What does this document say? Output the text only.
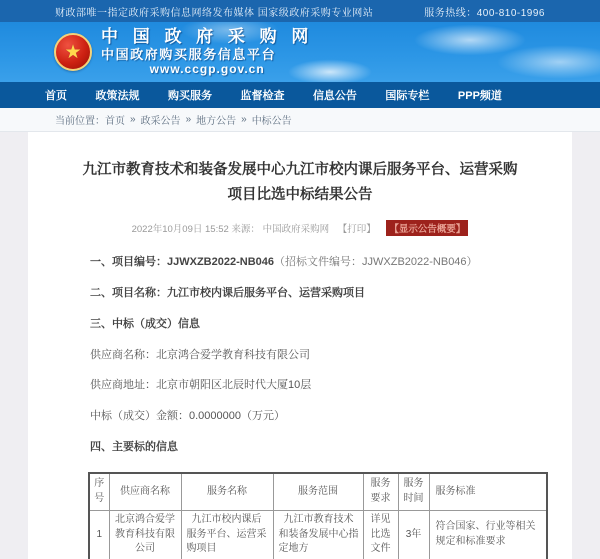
财政部唯一指定政府采购信息网络发布媒体 国家级政府采购专业网站	服务热线：400-810-1996
★
中 国 政 府 采 购 网
中国政府购买服务信息平台
www.ccgp.gov.cn
首页	政策法规	购买服务	监督检查	信息公告	国际专栏	PPP频道
当前位置： 首页 » 政采公告 » 地方公告 » 中标公告
九江市教育技术和装备发展中心九江市校内课后服务平台、运营采购项目比选中标结果公告
2022年10月09日 15:52 来源： 中国政府采购网 【打印】 【显示公告概要】

一、项目编号：JJWXZB2022-NB046（招标文件编号：JJWXZB2022-NB046）

二、项目名称：九江市校内课后服务平台、运营采购项目

三、中标（成交）信息

供应商名称：北京鸿合爱学教育科技有限公司

供应商地址：北京市朝阳区北辰时代大厦10层

中标（成交）金额：0.0000000（万元）

四、主要标的信息

序号	供应商名称	服务名称	服务范围	服务要求	服务时间	服务标准
1	北京鸿合爱学教育科技有限公司	九江市校内课后服务平台、运营采购项目	九江市教育技术和装备发展中心指定地方	详见比选文件	3年	符合国家、行业等相关规定和标准要求
